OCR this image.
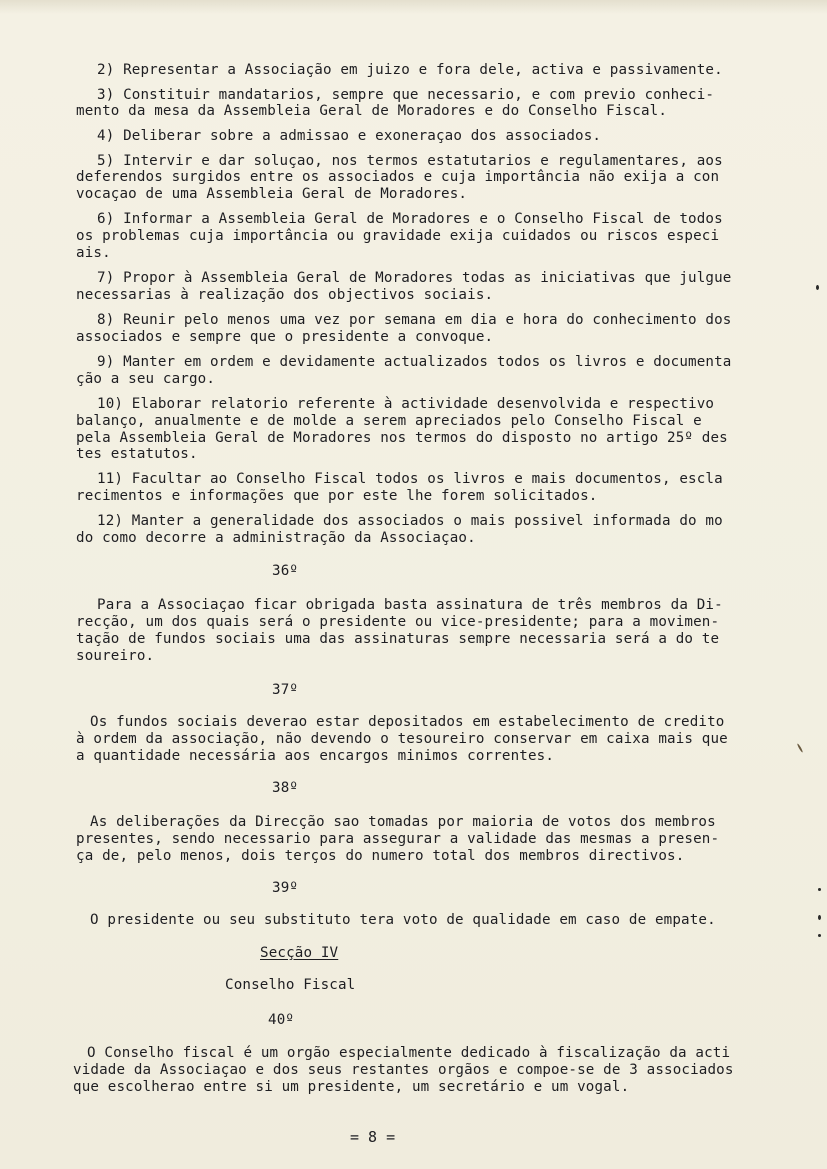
2) Representar a Associação em juizo e fora dele, activa e passivamente.
3) Constituir mandatarios, sempre que necessario, e com previo conheci-
mento da mesa da Assembleia Geral de Moradores e do Conselho Fiscal.
4) Deliberar sobre a admissao e exoneraçao dos associados.
5) Intervir e dar soluçao, nos termos estatutarios e regulamentares, aos
deferendos surgidos entre os associados e cuja importância não exija a con
vocaçao de uma Assembleia Geral de Moradores.
6) Informar a Assembleia Geral de Moradores e o Conselho Fiscal de todos
os problemas cuja importância ou gravidade exija cuidados ou riscos especi
ais.
7) Propor à Assembleia Geral de Moradores todas as iniciativas que julgue
necessarias à realização dos objectivos sociais.
8) Reunir pelo menos uma vez por semana em dia e hora do conhecimento dos
associados e sempre que o presidente a convoque.
9) Manter em ordem e devidamente actualizados todos os livros e documenta
ção a seu cargo.
10) Elaborar relatorio referente à actividade desenvolvida e respectivo
balanço, anualmente e de molde a serem apreciados pelo Conselho Fiscal e
pela Assembleia Geral de Moradores nos termos do disposto no artigo 25º des
tes estatutos.
11) Facultar ao Conselho Fiscal todos os livros e mais documentos, escla
recimentos e informações que por este lhe forem solicitados.
12) Manter a generalidade dos associados o mais possivel informada do mo
do como decorre a administração da Associaçao.
36º
Para a Associaçao ficar obrigada basta assinatura de três membros da Di-
recção, um dos quais será o presidente ou vice-presidente; para a movimen-
tação de fundos sociais uma das assinaturas sempre necessaria será a do te
soureiro.
37º
Os fundos sociais deverao estar depositados em estabelecimento de credito
à ordem da associação, não devendo o tesoureiro conservar em caixa mais que
a quantidade necessária aos encargos minimos correntes.
38º
As deliberações da Direcção sao tomadas por maioria de votos dos membros
presentes, sendo necessario para assegurar a validade das mesmas a presen-
ça de, pelo menos, dois terços do numero total dos membros directivos.
39º
O presidente ou seu substituto tera voto de qualidade em caso de empate.
Secção IV
Conselho Fiscal
40º
O Conselho fiscal é um orgão especialmente dedicado à fiscalização da acti
vidade da Associaçao e dos seus restantes orgãos e compoe-se de 3 associados
que escolherao entre si um presidente, um secretário e um vogal.
= 8 =
